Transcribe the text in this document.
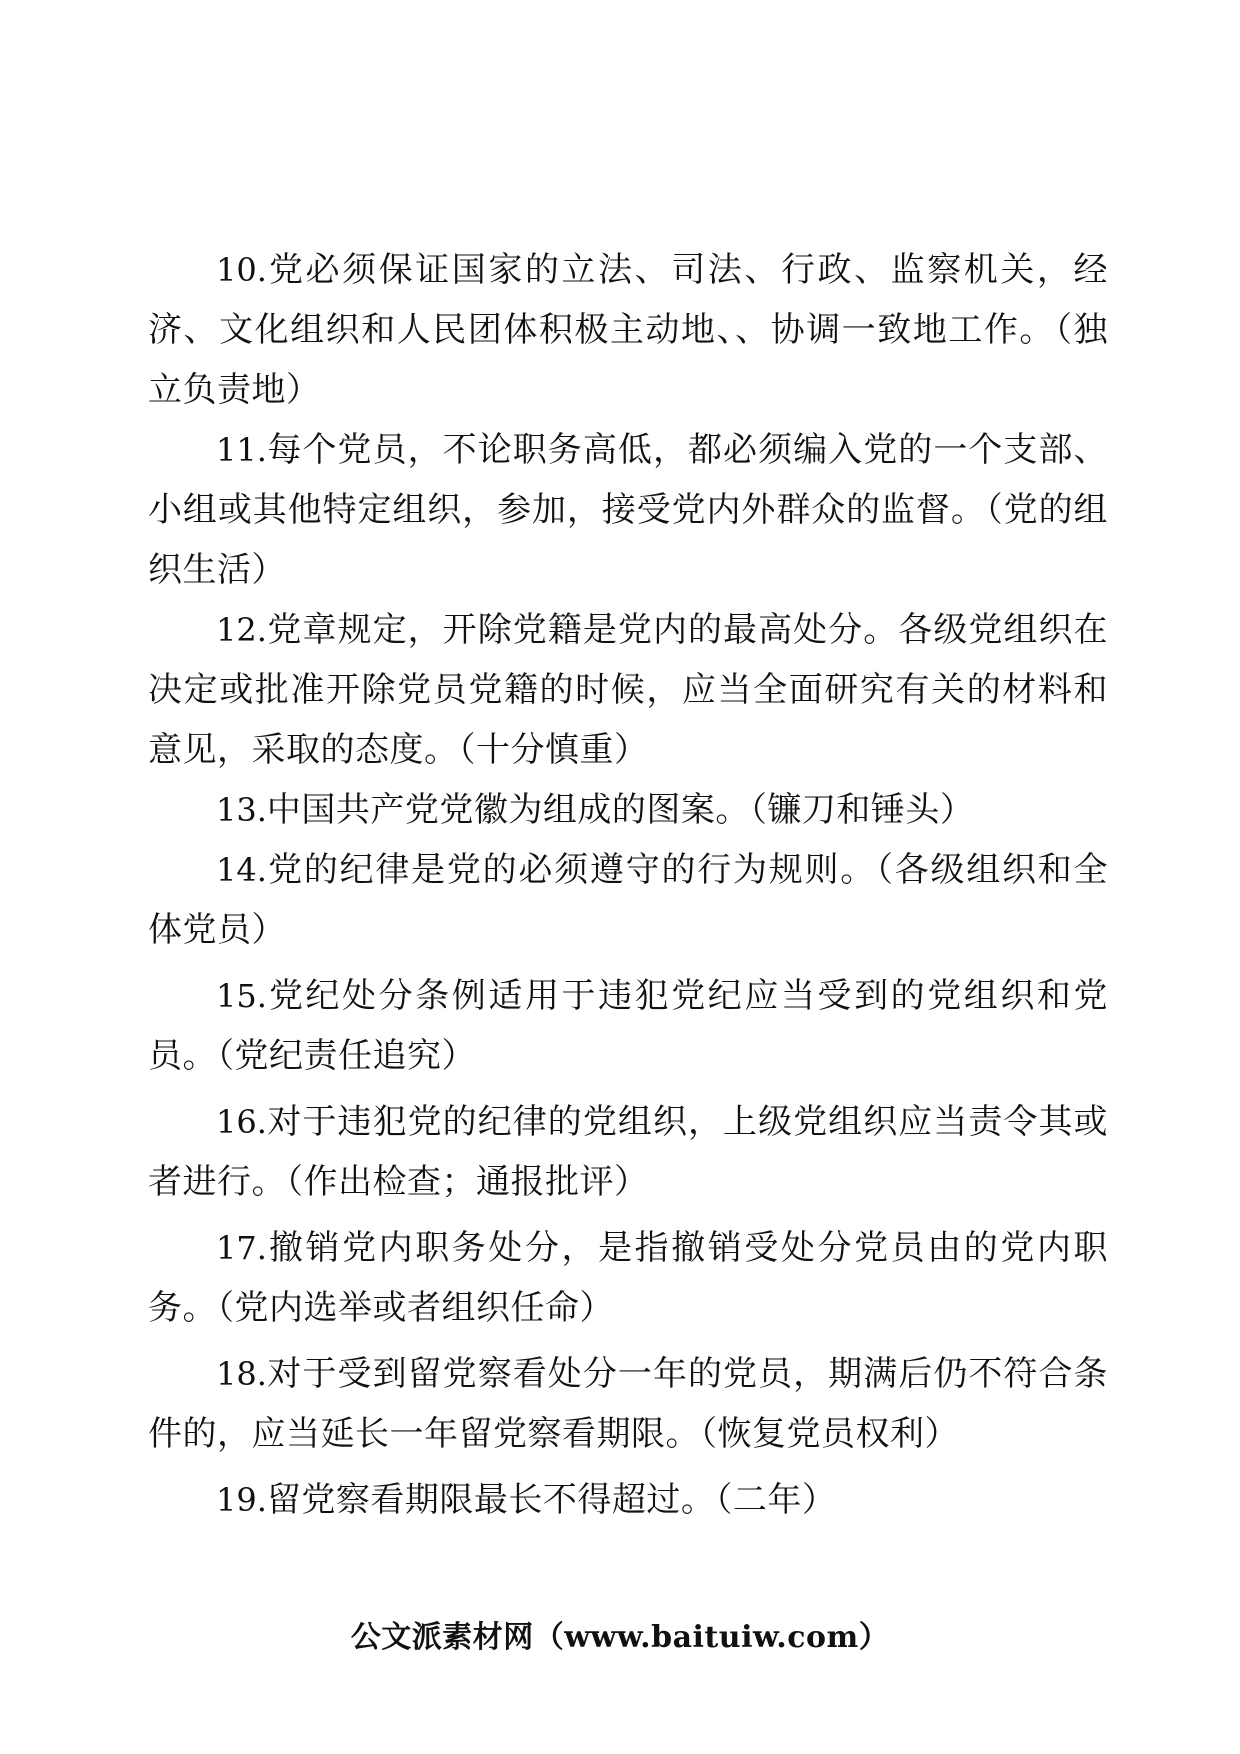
10.党必须保证国家的立法、司法、行政、监察机关，经济、文化组织和人民团体积极主动地、、协调一致地工作。（独立负责地）

11.每个党员，不论职务高低，都必须编入党的一个支部、小组或其他特定组织，参加，接受党内外群众的监督。（党的组织生活）

12.党章规定，开除党籍是党内的最高处分。各级党组织在决定或批准开除党员党籍的时候，应当全面研究有关的材料和意见，采取的态度。（十分慎重）

13.中国共产党党徽为组成的图案。（镰刀和锤头）

14.党的纪律是党的必须遵守的行为规则。（各级组织和全体党员）

15.党纪处分条例适用于违犯党纪应当受到的党组织和党员。（党纪责任追究）

16.对于违犯党的纪律的党组织，上级党组织应当责令其或者进行。（作出检查；通报批评）

17.撤销党内职务处分，是指撤销受处分党员由的党内职务。（党内选举或者组织任命）

18.对于受到留党察看处分一年的党员，期满后仍不符合条件的，应当延长一年留党察看期限。（恢复党员权利）

19.留党察看期限最长不得超过。（二年）

公文派素材网（www.baituiw.com）
